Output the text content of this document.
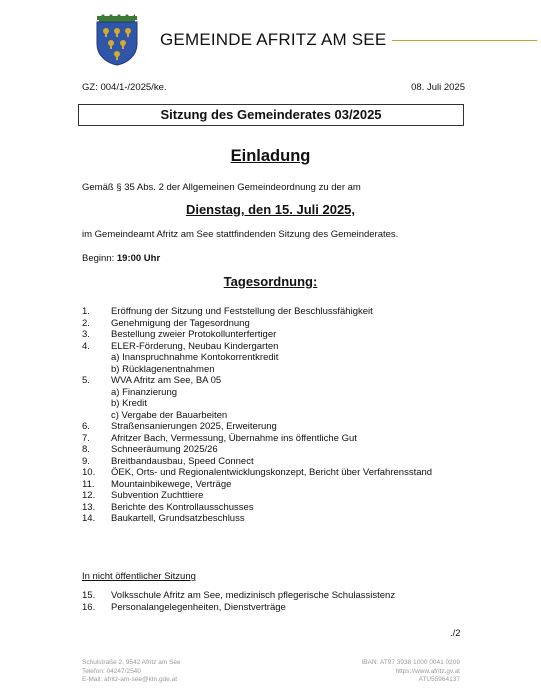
GEMEINDE AFRITZ AM SEE
GZ: 004/1-/2025/ke.	08. Juli 2025
Sitzung des Gemeinderates 03/2025
Einladung
Gemäß § 35 Abs. 2 der Allgemeinen Gemeindeordnung zu der am
Dienstag, den 15. Juli 2025,
im Gemeindeamt Afritz am See stattfindenden Sitzung des Gemeinderates.
Beginn: 19:00 Uhr
Tagesordnung:
1. Eröffnung der Sitzung und Feststellung der Beschlussfähigkeit
2. Genehmigung der Tagesordnung
3. Bestellung zweier Protokollunterfertiger
4. ELER-Förderung, Neubau Kindergarten
a) Inanspruchnahme Kontokorrentkredit
b) Rücklagenentnahmen
5. WVA Afritz am See, BA 05
a) Finanzierung
b) Kredit
c) Vergabe der Bauarbeiten
6. Straßensanierungen 2025, Erweiterung
7. Afritzer Bach, Vermessung, Übernahme ins öffentliche Gut
8. Schneeräumung 2025/26
9. Breitbandausbau, Speed Connect
10. ÖEK, Orts- und Regionalentwicklungskonzept, Bericht über Verfahrensstand
11. Mountainbikewege, Verträge
12. Subvention Zuchttiere
13. Berichte des Kontrollausschusses
14. Baukartell, Grundsatzbeschluss
In nicht öffentlicher Sitzung
15. Volksschule Afritz am See, medizinisch pflegerische Schulassistenz
16. Personalangelegenheiten, Dienstverträge
./2
Schulstraße 2, 9542 Afritz am See
Telefon: 04247/2540
E-Mail: afritz-am-see@ktn.gde.at
IBAN: AT97 3938 1000 0041 0209
https://www.afritz.gv.at
ATU55964137
